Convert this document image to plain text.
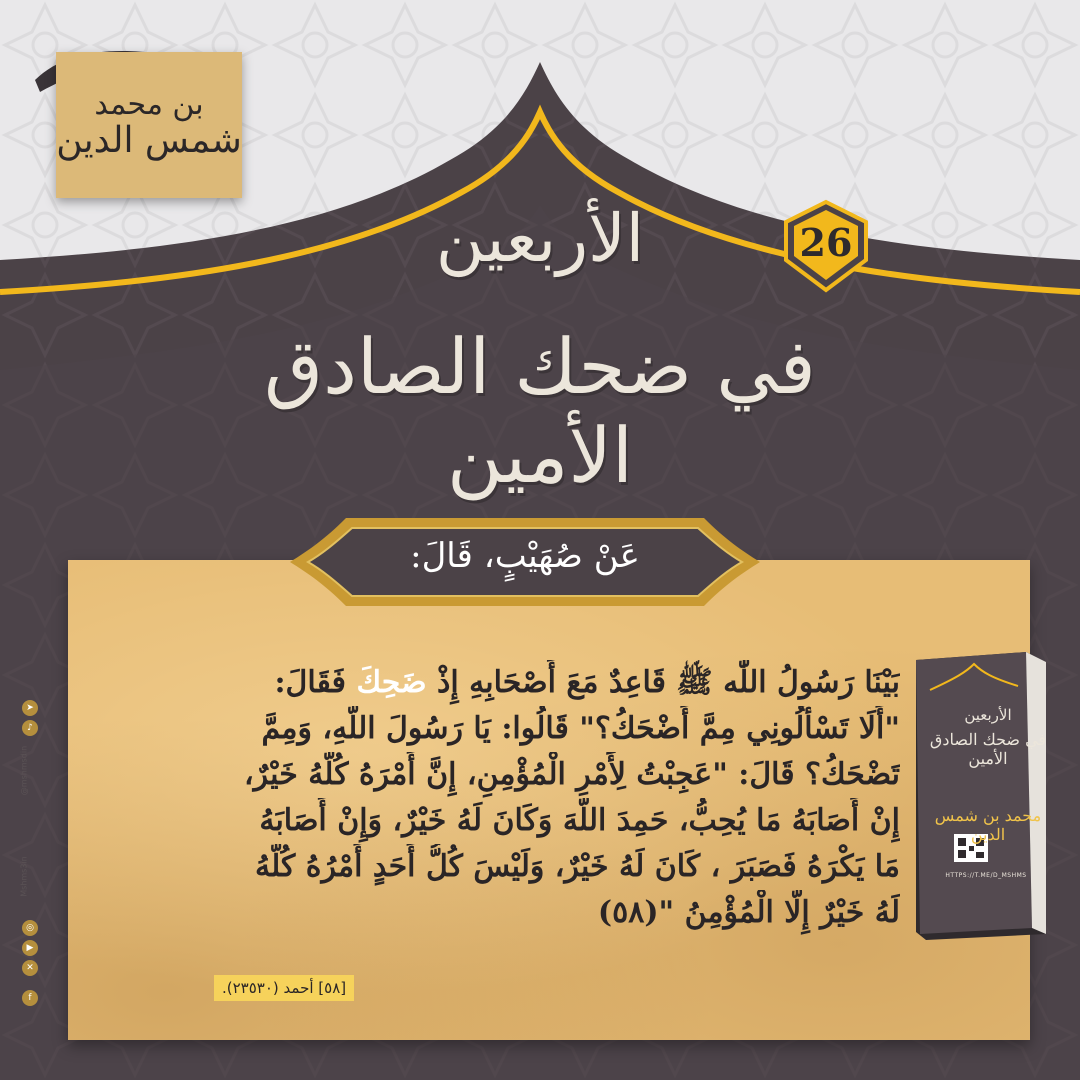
بن محمد
شمس الدين
الأربعين
في ضحك الصادق الأمين
26
عَنْ صُهَيْبٍ، قَالَ:

بَيْنَا رَسُولُ اللّٰه ﷺ قَاعِدٌ مَعَ أَصْحَابِهِ إِذْ ضَحِكَ فَقَالَ:
"أَلَا تَسْأَلُونِي مِمَّ أَضْحَكُ؟" قَالُوا: يَا رَسُولَ اللَّهِ، وَمِمَّ
تَضْحَكُ؟ قَالَ: "عَجِبْتُ لِأَمْرِ الْمُؤْمِنِ، إِنَّ أَمْرَهُ كُلَّهُ خَيْرٌ،
إِنْ أَصَابَهُ مَا يُحِبُّ، حَمِدَ اللَّهَ وَكَانَ لَهُ خَيْرٌ، وَإِنْ أَصَابَهُ
مَا يَكْرَهُ فَصَبَرَ ، كَانَ لَهُ خَيْرٌ، وَلَيْسَ كُلُّ أَحَدٍ أَمْرُهُ كُلُّهُ
لَهُ خَيْرٌ إِلَّا الْمُؤْمِنُ "(٥٨)

[٥٨] أحمد (٢٣٥٣٠).
الأربعين
في ضحك الصادق الأمين
محمد بن شمس الدين
HTTPS://T.ME/D_MSHMS
➤
♪
@mshmsdin
◎
▶
✕
f
Mshms3in
